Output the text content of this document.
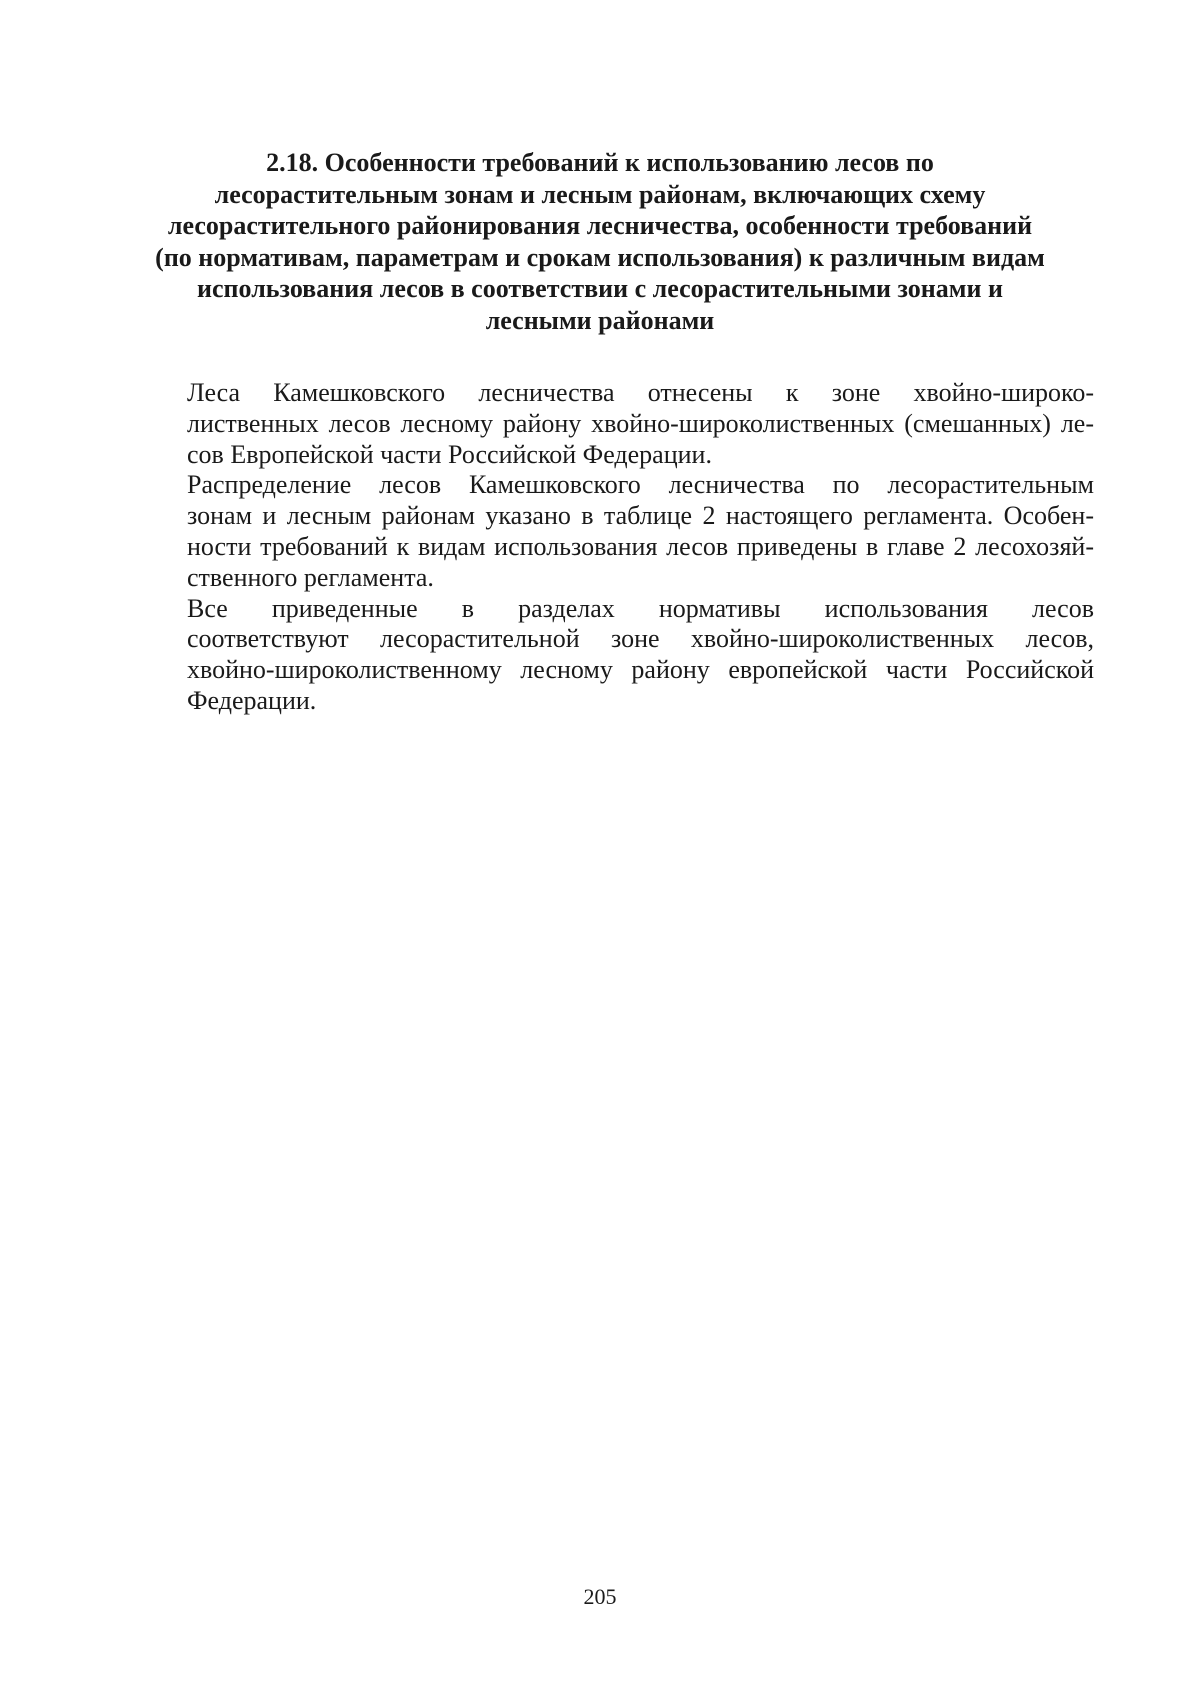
2.18. Особенности требований к использованию лесов по
лесорастительным зонам и лесным районам, включающих схему
лесорастительного районирования лесничества, особенности требований
(по нормативам, параметрам и срокам использования) к различным видам
использования лесов в соответствии с лесорастительными зонами и
лесными районами
Леса Камешковского лесничества отнесены к зоне хвойно-широко-
лиственных лесов лесному району хвойно-широколиственных (смешанных) ле-
сов Европейской части Российской Федерации.
Распределение лесов Камешковского лесничества по лесорастительным
зонам и лесным районам указано в таблице 2 настоящего регламента. Особен-
ности требований к видам использования лесов приведены в главе 2 лесохозяй-
ственного регламента.
Все приведенные в разделах нормативы использования лесов
соответствуют лесорастительной зоне хвойно-широколиственных лесов,
хвойно-широколиственному лесному району европейской части Российской
Федерации.
205
